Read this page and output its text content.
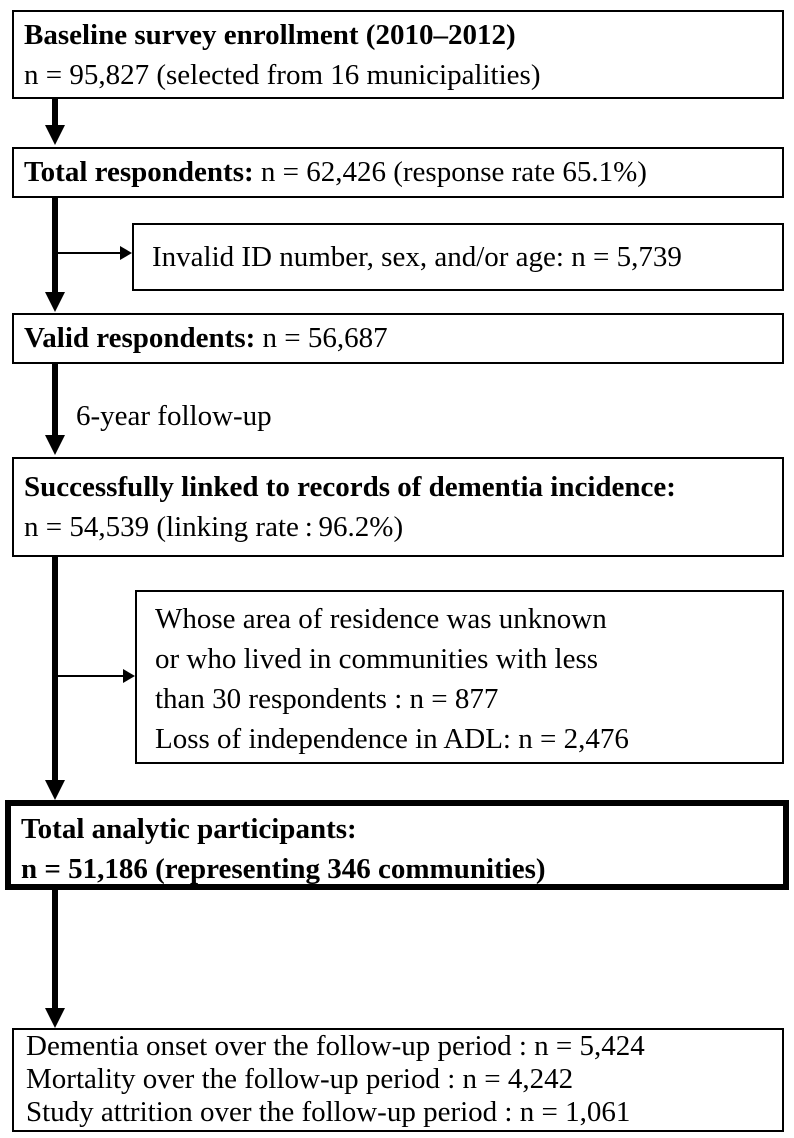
Baseline survey enrollment (2010–2012)
n = 95,827 (selected from 16 municipalities)
Total respondents: n = 62,426 (response rate 65.1%)
Invalid ID number, sex, and/or age: n = 5,739
Valid respondents: n = 56,687
6-year follow-up
Successfully linked to records of dementia incidence:
n = 54,539 (linking rate : 96.2%)
Whose area of residence was unknown
or who lived in communities with less
than 30 respondents : n = 877
Loss of independence in ADL: n = 2,476
Total analytic participants:
n = 51,186 (representing 346 communities)
Dementia onset over the follow-up period : n = 5,424
Mortality over the follow-up period : n = 4,242
Study attrition over the follow-up period : n = 1,061
